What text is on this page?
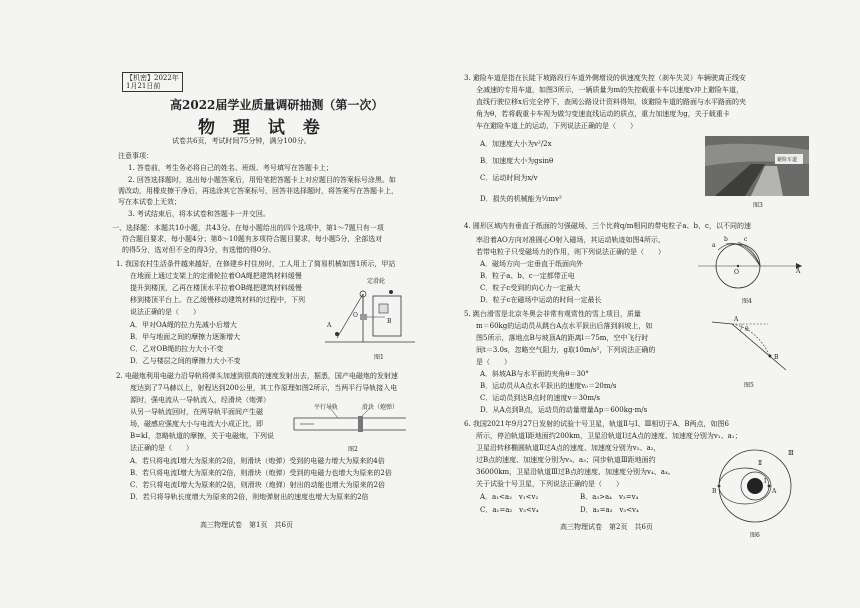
【机密】2022年
1月21日前
高2022届学业质量调研抽测（第一次）
物 理 试 卷
试卷共6页，考试时间75分钟，满分100分。
注意事项：
1. 答卷前，考生务必将自己的姓名、班级、考号填写在答题卡上；
2. 回答选择题时，选出每小题答案后，用铅笔把答题卡上对应题目的答案标号涂黑。如
需改动，用橡皮擦干净后，再选涂其它答案标号，回答非选择题时，将答案写在答题卡上，
写在本试卷上无效；
3. 考试结束后，将本试卷和答题卡一并交回。
一、选择题：本题共10小题，共43分。在每小题给出的四个选项中，第1～7题只有一项
符合题目要求，每小题4分；第8～10题有多项符合题目要求，每小题5分，全部选对
的得5分，选对但不全的得3分，有选错的得0分。
1. 我国农村生活条件越来越好，在修建乡村住房时，工人用上了简易机械如图1所示，甲站
在地面上通过支架上的定滑轮拉着OA绳把建筑材料缓慢
提升到楼顶，乙再在楼顶水平拉着OB绳把建筑材料缓慢
移到楼顶平台上。在乙缓慢移动建筑材料的过程中，下列
说法正确的是（　　）
A．甲对OA绳的拉力先减小后增大
B．甲与地面之间的摩擦力逐渐增大
C．乙对OB绳的拉力大小不变
D．乙与楼层之间的摩擦力大小不变
定滑轮
A
B
O
图1
2. 电磁炮利用电磁力沿导轨将弹头加速到很高的速度发射出去，据悉，国产电磁炮的发射速
度达到了7马赫以上，射程达到200公里，其工作原理如图2所示，当两平行导轨接入电
源时，强电流从一导轨流入，经滑块（炮弹）
从另一导轨流回时，在两导轨平面间产生磁
场，磁感应强度大小与电流大小成正比，即
B=kI，忽略轨道的摩擦，关于电磁炮，下列说
法正确的是（　　）
A．若只将电流I增大为原来的2倍，则滑块（炮弹）受到的电磁力增大为原来的4倍
B．若只将电流I增大为原来的2倍，则滑块（炮弹）受到的电磁力也增大为原来的2倍
C．若只将电流I增大为原来的2倍，则滑块（炮弹）射出的动能也增大为原来的2倍
D．若只将导轨长度增大为原来的2倍，则炮弹射出的速度也增大为原来的2倍
平行导轨	滑块（炮弹）
图2
高三物理试卷　第1页　共6页
3. 避险车道是指在长陡下坡路段行车道外侧增设的供速度失控（刹车失灵）车辆驶离正线安
全减速的专用车道，如图3所示，一辆质量为m的失控载重卡车以速度v冲上避险车道，
直线行驶位移x后完全停下，查阅公路设计资料得知，该避险车道的路面与水平路面的夹
角为θ，若将载重卡车视为做匀变速直线运动的质点，重力加速度为g，关于载重卡
车在避险车道上的运动，下列说法正确的是（　　）
A．加速度大小为v²/2x
B．加速度大小为gsinθ
C．运动时间为x/v
D．损失的机械能为½mv²
避险车道
图3
4. 圆形区域内有垂直于纸面的匀强磁场，三个比荷q/m相同的带电粒子a、b、c，以不同的速
率沿着AO方向对准圆心O射入磁场，其运动轨迹如图4所示，
若带电粒子只受磁场力的作用，则下列说法正确的是（　　）
A．磁场方向一定垂直于纸面向外
B．粒子a、b、c一定都带正电
C．粒子c受到的向心力一定最大
D．粒子c在磁场中运动的时间一定最长
a
b	c
A
O
图4
5. 跳台滑雪是北京冬奥会非常有观赏性的雪上项目，质量
m＝60kg的运动员从跳台A点水平跃出后落到斜坡上，如
图5所示，落地点B与坡顶A的距离l＝75m，空中飞行时
间t＝3.0s，忽略空气阻力，g取10m/s²，下列说法正确的
是（　　）
A．斜坡AB与水平面的夹角θ＝30°
B．运动员从A点水平跃出的速度v₀＝20m/s
C．运动员到达B点时的速度v＝30m/s
D．从A点到B点，运动员的动量增量Δp＝600kg·m/s
A
B
θ
图5
6. 我国2021年9月27日发射的试验十号卫星，轨道Ⅱ与Ⅰ、Ⅲ相切于A、B两点，如图6
所示，停泊轨道Ⅰ距地面约200km，卫星沿轨道Ⅰ过A点的速度、加速度分别为v₁、a₁；
卫星沿转移椭圆轨道Ⅱ过A点的速度、加速度分别为v₂、a₂，
过B点的速度、加速度分别为v₃、a₃；同步轨道Ⅲ距地面约
36000km，卫星沿轨道Ⅲ过B点的速度、加速度分别为v₄、a₄。
关于试验十号卫星，下列说法正确的是（　　）
A．a₁<a₂　v₁<v₂	B．a₃>a₄　v₃=v₄
C．a₁=a₂　v₃<v₄	D．a₂=a₃　v₃<v₄
Ⅰ
Ⅱ
Ⅲ
A
B
图6
高三物理试卷　第2页　共6页
